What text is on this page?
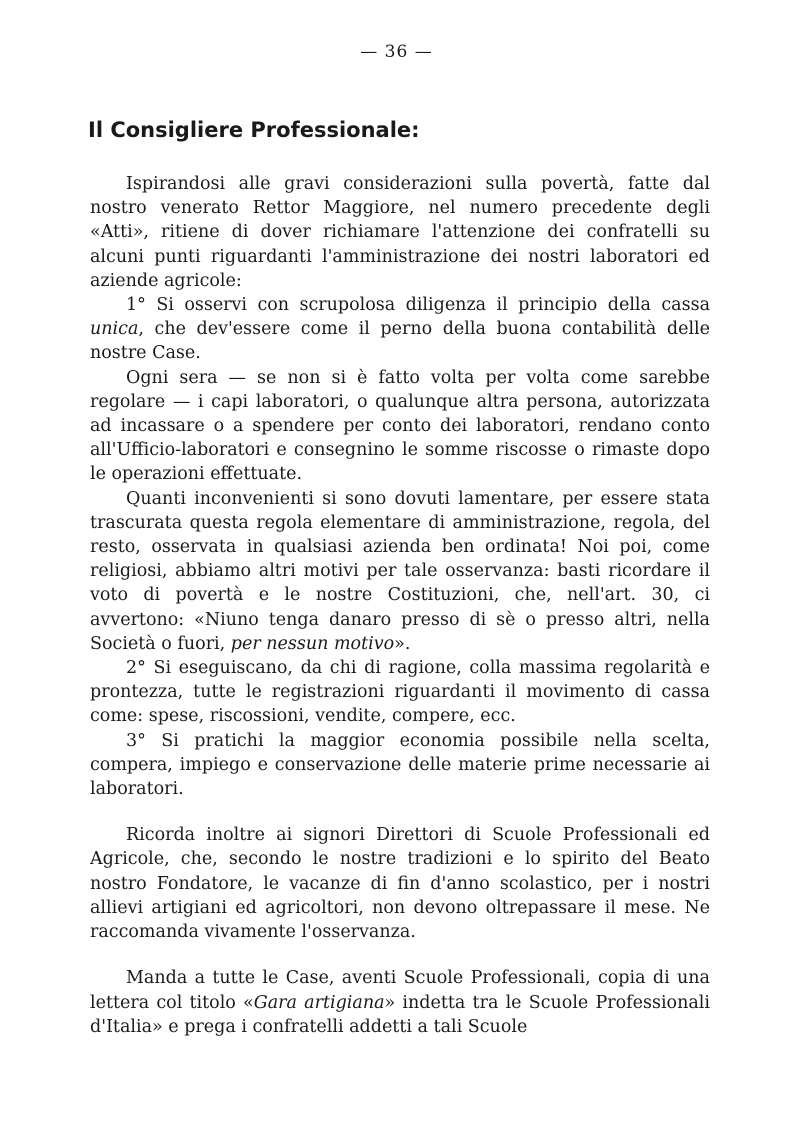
— 36 —
Il Consigliere Professionale:

Ispirandosi alle gravi considerazioni sulla povertà, fatte dal nostro venerato Rettor Maggiore, nel numero precedente degli «Atti», ritiene di dover richiamare l'attenzione dei confratelli su alcuni punti riguardanti l'amministrazione dei nostri laboratori ed aziende agricole:

1° Si osservi con scrupolosa diligenza il principio della cassa unica, che dev'essere come il perno della buona contabilità delle nostre Case.

Ogni sera — se non si è fatto volta per volta come sarebbe regolare — i capi laboratori, o qualunque altra persona, autorizzata ad incassare o a spendere per conto dei laboratori, rendano conto all'Ufficio-laboratori e consegnino le somme riscosse o rimaste dopo le operazioni effettuate.

Quanti inconvenienti si sono dovuti lamentare, per essere stata trascurata questa regola elementare di amministrazione, regola, del resto, osservata in qualsiasi azienda ben ordinata! Noi poi, come religiosi, abbiamo altri motivi per tale osservanza: basti ricordare il voto di povertà e le nostre Costituzioni, che, nell'art. 30, ci avvertono: «Niuno tenga danaro presso di sè o presso altri, nella Società o fuori, per nessun motivo».

2° Si eseguiscano, da chi di ragione, colla massima regolarità e prontezza, tutte le registrazioni riguardanti il movimento di cassa come: spese, riscossioni, vendite, compere, ecc.

3° Si pratichi la maggior economia possibile nella scelta, compera, impiego e conservazione delle materie prime necessarie ai laboratori.

Ricorda inoltre ai signori Direttori di Scuole Professionali ed Agricole, che, secondo le nostre tradizioni e lo spirito del Beato nostro Fondatore, le vacanze di fin d'anno scolastico, per i nostri allievi artigiani ed agricoltori, non devono oltrepassare il mese. Ne raccomanda vivamente l'osservanza.

Manda a tutte le Case, aventi Scuole Professionali, copia di una lettera col titolo «Gara artigiana» indetta tra le Scuole Professionali d'Italia» e prega i confratelli addetti a tali Scuole
